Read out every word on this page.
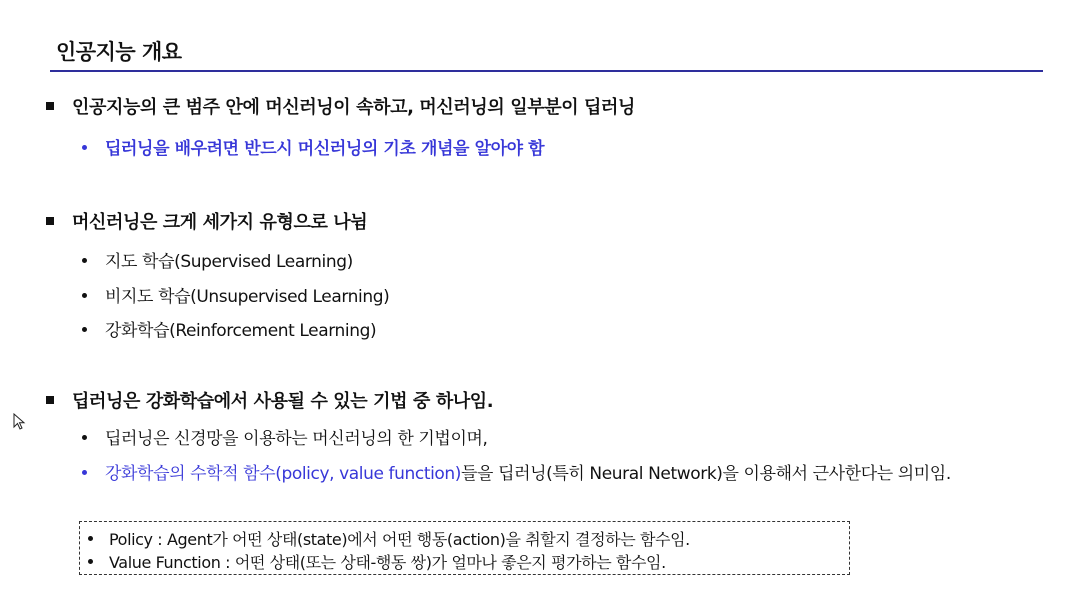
인공지능 개요
인공지능의 큰 범주 안에 머신러닝이 속하고, 머신러닝의 일부분이 딥러닝
딥러닝을 배우려면 반드시 머신러닝의 기초 개념을 알아야 함
머신러닝은 크게 세가지 유형으로 나뉨
지도 학습(Supervised Learning)
비지도 학습(Unsupervised Learning)
강화학습(Reinforcement Learning)
딥러닝은 강화학습에서 사용될 수 있는 기법 중 하나임.
딥러닝은 신경망을 이용하는 머신러닝의 한 기법이며,
강화학습의 수학적 함수(policy, value function)들을 딥러닝(특히 Neural Network)을 이용해서 근사한다는 의미임.
Policy : Agent가 어떤 상태(state)에서 어떤 행동(action)을 취할지 결정하는 함수임.
Value Function : 어떤 상태(또는 상태-행동 쌍)가 얼마나 좋은지 평가하는 함수임.
